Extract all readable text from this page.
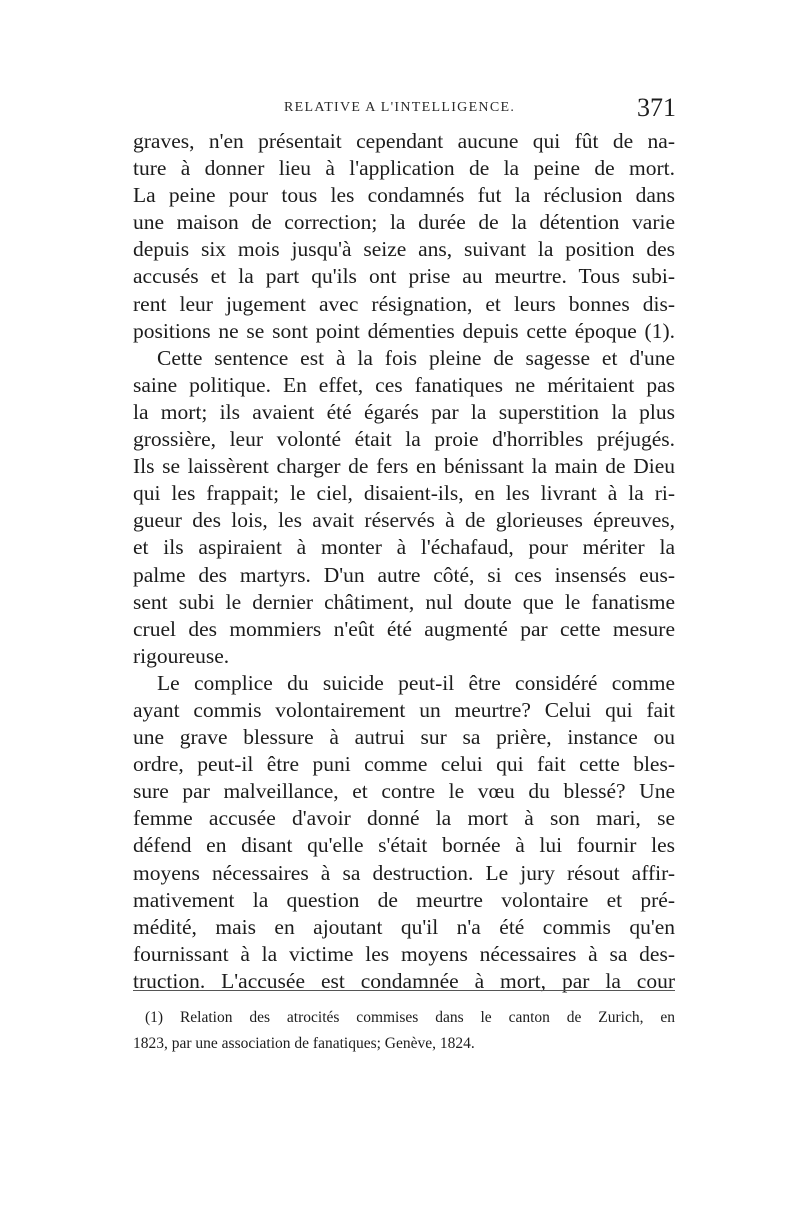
RELATIVE A L'INTELLIGENCE.	371
graves, n'en présentait cependant aucune qui fût de na-
ture à donner lieu à l'application de la peine de mort.
La peine pour tous les condamnés fut la réclusion dans
une maison de correction; la durée de la détention varie
depuis six mois jusqu'à seize ans, suivant la position des
accusés et la part qu'ils ont prise au meurtre. Tous subi-
rent leur jugement avec résignation, et leurs bonnes dis-
positions ne se sont point démenties depuis cette époque (1).
Cette sentence est à la fois pleine de sagesse et d'une
saine politique. En effet, ces fanatiques ne méritaient pas
la mort; ils avaient été égarés par la superstition la plus
grossière, leur volonté était la proie d'horribles préjugés.
Ils se laissèrent charger de fers en bénissant la main de Dieu
qui les frappait; le ciel, disaient-ils, en les livrant à la ri-
gueur des lois, les avait réservés à de glorieuses épreuves,
et ils aspiraient à monter à l'échafaud, pour mériter la
palme des martyrs. D'un autre côté, si ces insensés eus-
sent subi le dernier châtiment, nul doute que le fanatisme
cruel des mommiers n'eût été augmenté par cette mesure
rigoureuse.
Le complice du suicide peut-il être considéré comme
ayant commis volontairement un meurtre? Celui qui fait
une grave blessure à autrui sur sa prière, instance ou
ordre, peut-il être puni comme celui qui fait cette bles-
sure par malveillance, et contre le vœu du blessé? Une
femme accusée d'avoir donné la mort à son mari, se
défend en disant qu'elle s'était bornée à lui fournir les
moyens nécessaires à sa destruction. Le jury résout affir-
mativement la question de meurtre volontaire et pré-
médité, mais en ajoutant qu'il n'a été commis qu'en
fournissant à la victime les moyens nécessaires à sa des-
truction. L'accusée est condamnée à mort, par la cour
(1) Relation des atrocités commises dans le canton de Zurich, en
1823, par une association de fanatiques; Genève, 1824.
